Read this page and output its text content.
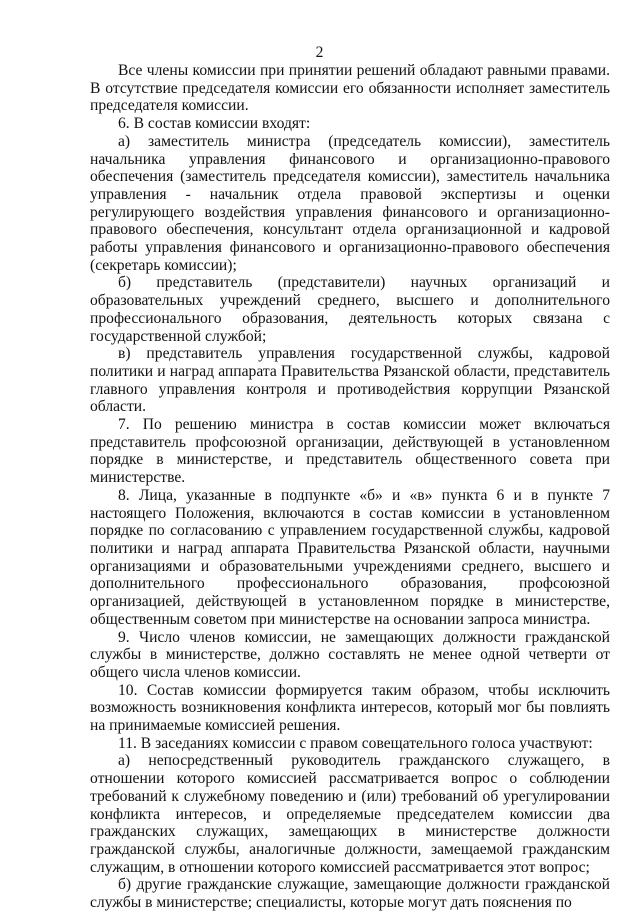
2

Все члены комиссии при принятии решений обладают равными правами. В отсутствие председателя комиссии его обязанности исполняет заместитель председателя комиссии.

6. В состав комиссии входят:

а) заместитель министра (председатель комиссии), заместитель начальника управления финансового и организационно-правового обеспечения (заместитель председателя комиссии), заместитель начальника управления - начальник отдела правовой экспертизы и оценки регулирующего воздействия управления финансового и организационно-правового обеспечения, консультант отдела организационной и кадровой работы управления финансового и организационно-правового обеспечения (секретарь комиссии);

б) представитель (представители) научных организаций и образовательных учреждений среднего, высшего и дополнительного профессионального образования, деятельность которых связана с государственной службой;

в) представитель управления государственной службы, кадровой политики и наград аппарата Правительства Рязанской области, представитель главного управления контроля и противодействия коррупции Рязанской области.

7. По решению министра в состав комиссии может включаться представитель профсоюзной организации, действующей в установленном порядке в министерстве, и представитель общественного совета при министерстве.

8. Лица, указанные в подпункте «б» и «в» пункта 6 и в пункте 7 настоящего Положения, включаются в состав комиссии в установленном порядке по согласованию с управлением государственной службы, кадровой политики и наград аппарата Правительства Рязанской области, научными организациями и образовательными учреждениями среднего, высшего и дополнительного профессионального образования, профсоюзной организацией, действующей в установленном порядке в министерстве, общественным советом при министерстве на основании запроса министра.

9. Число членов комиссии, не замещающих должности гражданской службы в министерстве, должно составлять не менее одной четверти от общего числа членов комиссии.

10. Состав комиссии формируется таким образом, чтобы исключить возможность возникновения конфликта интересов, который мог бы повлиять на принимаемые комиссией решения.

11. В заседаниях комиссии с правом совещательного голоса участвуют:

а) непосредственный руководитель гражданского служащего, в отношении которого комиссией рассматривается вопрос о соблюдении требований к служебному поведению и (или) требований об урегулировании конфликта интересов, и определяемые председателем комиссии два гражданских служащих, замещающих в министерстве должности гражданской службы, аналогичные должности, замещаемой гражданским служащим, в отношении которого комиссией рассматривается этот вопрос;

б) другие гражданские служащие, замещающие должности гражданской службы в министерстве; специалисты, которые могут дать пояснения по
